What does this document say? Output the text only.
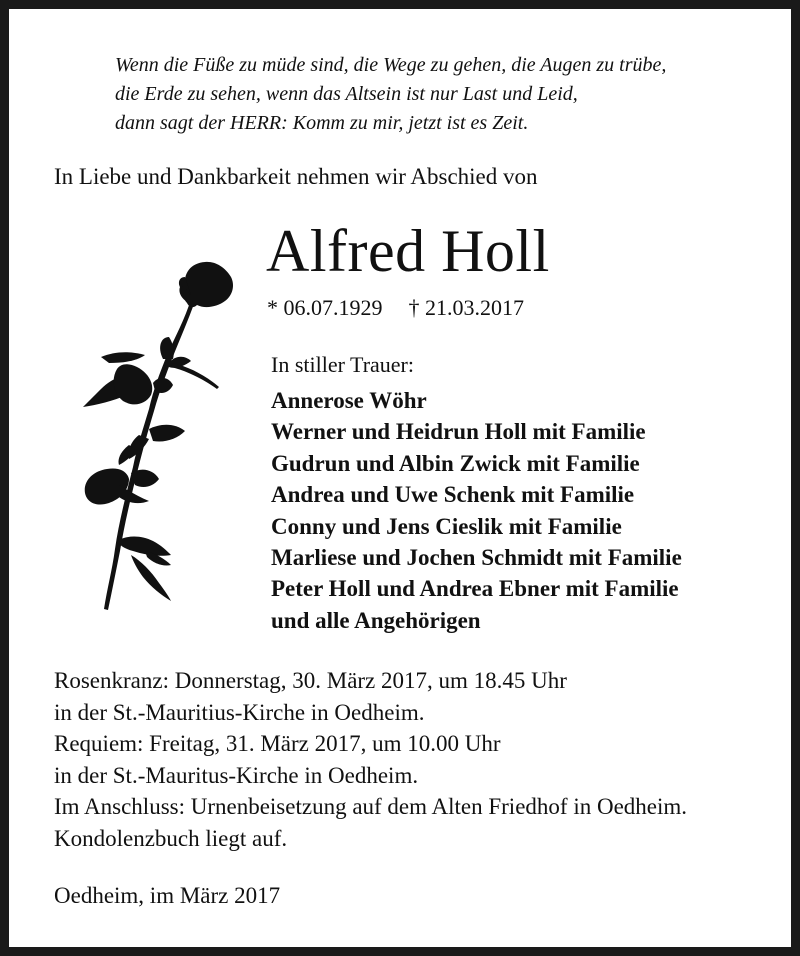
Wenn die Füße zu müde sind, die Wege zu gehen, die Augen zu trübe,
die Erde zu sehen, wenn das Altsein ist nur Last und Leid,
dann sagt der HERR: Komm zu mir, jetzt ist es Zeit.
In Liebe und Dankbarkeit nehmen wir Abschied von
Alfred Holl
* 06.07.1929 † 21.03.2017
In stiller Trauer:
Annerose Wöhr
Werner und Heidrun Holl mit Familie
Gudrun und Albin Zwick mit Familie
Andrea und Uwe Schenk mit Familie
Conny und Jens Cieslik mit Familie
Marliese und Jochen Schmidt mit Familie
Peter Holl und Andrea Ebner mit Familie
und alle Angehörigen
Rosenkranz: Donnerstag, 30. März 2017, um 18.45 Uhr
in der St.-Mauritius-Kirche in Oedheim.
Requiem: Freitag, 31. März 2017, um 10.00 Uhr
in der St.-Mauritus-Kirche in Oedheim.
Im Anschluss: Urnenbeisetzung auf dem Alten Friedhof in Oedheim.
Kondolenzbuch liegt auf.
Oedheim, im März 2017
